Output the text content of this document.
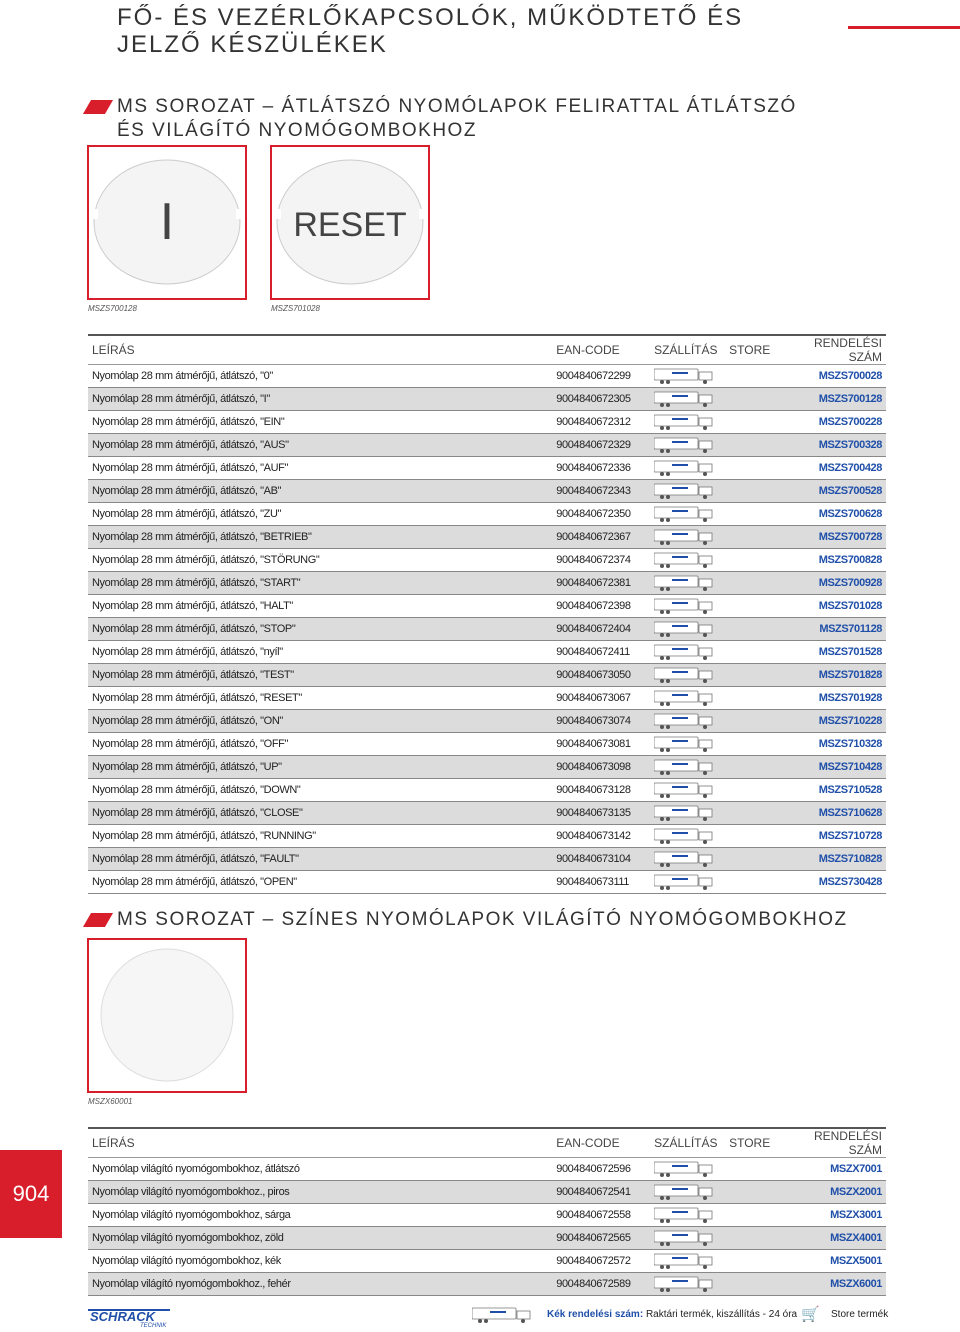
FŐ- ÉS VEZÉRLŐKAPCSOLÓK, MŰKÖDTETŐ ÉS
JELZŐ KÉSZÜLÉKEK
MS SOROZAT – ÁTLÁTSZÓ NYOMÓLAPOK FELIRATTAL ÁTLÁTSZÓ
ÉS VILÁGÍTÓ NYOMÓGOMBOKHOZ
I	RESET
MSZS700128	MSZS701028
LEÍRÁS	EAN-CODE	SZÁLLÍTÁS	STORE	RENDELÉSI SZÁM
Nyomólap 28 mm átmérőjű, átlátszó, "0"	9004840672299			MSZS700028
Nyomólap 28 mm átmérőjű, átlátszó, "I"	9004840672305			MSZS700128
Nyomólap 28 mm átmérőjű, átlátszó, "EIN"	9004840672312			MSZS700228
Nyomólap 28 mm átmérőjű, átlátszó, "AUS"	9004840672329			MSZS700328
Nyomólap 28 mm átmérőjű, átlátszó, "AUF"	9004840672336			MSZS700428
Nyomólap 28 mm átmérőjű, átlátszó, "AB"	9004840672343			MSZS700528
Nyomólap 28 mm átmérőjű, átlátszó, "ZU"	9004840672350			MSZS700628
Nyomólap 28 mm átmérőjű, átlátszó, "BETRIEB"	9004840672367			MSZS700728
Nyomólap 28 mm átmérőjű, átlátszó, "STÖRUNG"	9004840672374			MSZS700828
Nyomólap 28 mm átmérőjű, átlátszó, "START"	9004840672381			MSZS700928
Nyomólap 28 mm átmérőjű, átlátszó, "HALT"	9004840672398			MSZS701028
Nyomólap 28 mm átmérőjű, átlátszó, "STOP"	9004840672404			MSZS701128
Nyomólap 28 mm átmérőjű, átlátszó, "nyíl"	9004840672411			MSZS701528
Nyomólap 28 mm átmérőjű, átlátszó, "TEST"	9004840673050			MSZS701828
Nyomólap 28 mm átmérőjű, átlátszó, "RESET"	9004840673067			MSZS701928
Nyomólap 28 mm átmérőjű, átlátszó, "ON"	9004840673074			MSZS710228
Nyomólap 28 mm átmérőjű, átlátszó, "OFF"	9004840673081			MSZS710328
Nyomólap 28 mm átmérőjű, átlátszó, "UP"	9004840673098			MSZS710428
Nyomólap 28 mm átmérőjű, átlátszó, "DOWN"	9004840673128			MSZS710528
Nyomólap 28 mm átmérőjű, átlátszó, "CLOSE"	9004840673135			MSZS710628
Nyomólap 28 mm átmérőjű, átlátszó, "RUNNING"	9004840673142			MSZS710728
Nyomólap 28 mm átmérőjű, átlátszó, "FAULT"	9004840673104			MSZS710828
Nyomólap 28 mm átmérőjű, átlátszó, "OPEN"	9004840673111			MSZS730428
MS SOROZAT – SZÍNES NYOMÓLAPOK VILÁGÍTÓ NYOMÓGOMBOKHOZ
MSZX60001
LEÍRÁS	EAN-CODE	SZÁLLÍTÁS	STORE	RENDELÉSI SZÁM
Nyomólap világító nyomógombokhoz, átlátszó	9004840672596			MSZX7001
Nyomólap világító nyomógombokhoz., piros	9004840672541			MSZX2001
Nyomólap világító nyomógombokhoz, sárga	9004840672558			MSZX3001
Nyomólap világító nyomógombokhoz, zöld	9004840672565			MSZX4001
Nyomólap világító nyomógombokhoz, kék	9004840672572			MSZX5001
Nyomólap világító nyomógombokhoz., fehér	9004840672589			MSZX6001
904
SCHRACK
TECHNIK
Kék rendelési szám: Raktári termék, kiszállítás - 24 óra 🛒 Store termék
